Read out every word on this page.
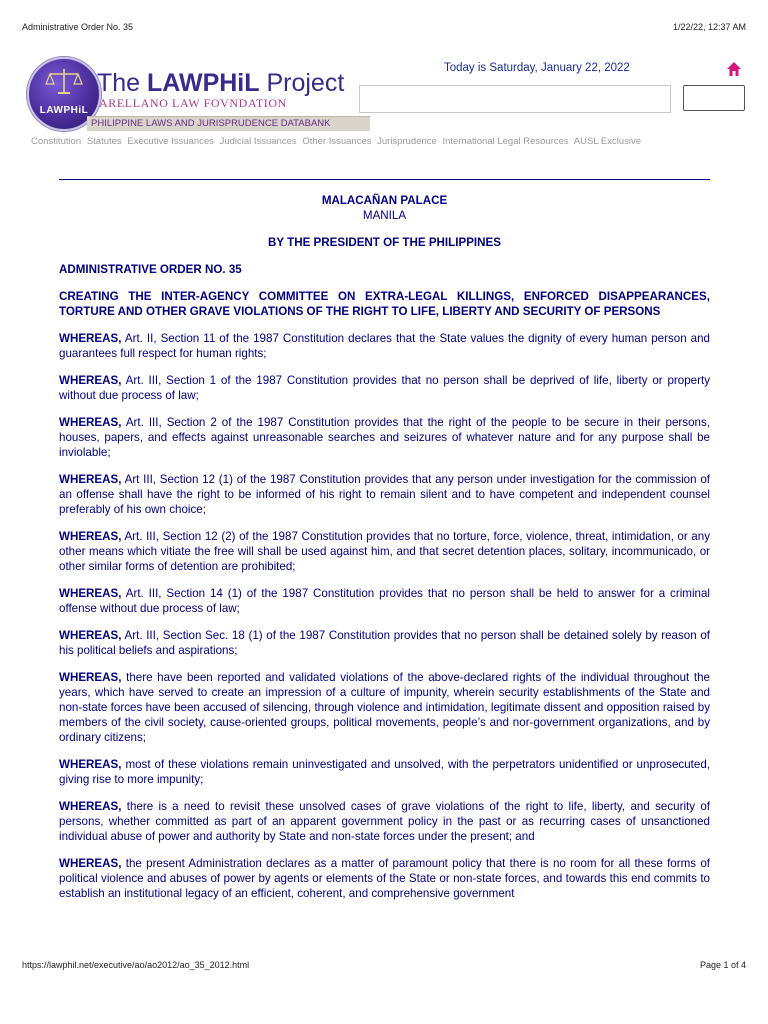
Administrative Order No. 35	1/22/22, 12:37 AM
LAWPHiL
The LAWPHiL Project
ARELLANO LAW FOVNDATION
PHILIPPINE LAWS AND JURISPRUDENCE DATABANK
Today is Saturday, January 22, 2022
Constitution Statutes Executive Issuances Judicial Issuances Other Issuances Jurisprudence International Legal Resources AUSL Exclusive
MALACAÑAN PALACE
MANILA
BY THE PRESIDENT OF THE PHILIPPINES
ADMINISTRATIVE ORDER NO. 35
CREATING THE INTER-AGENCY COMMITTEE ON EXTRA-LEGAL KILLINGS, ENFORCED DISAPPEARANCES, TORTURE AND OTHER GRAVE VIOLATIONS OF THE RIGHT TO LIFE, LIBERTY AND SECURITY OF PERSONS

WHEREAS, Art. II, Section 11 of the 1987 Constitution declares that the State values the dignity of every human person and guarantees full respect for human rights;

WHEREAS, Art. III, Section 1 of the 1987 Constitution provides that no person shall be deprived of life, liberty or property without due process of law;

WHEREAS, Art. III, Section 2 of the 1987 Constitution provides that the right of the people to be secure in their persons, houses, papers, and effects against unreasonable searches and seizures of whatever nature and for any purpose shall be inviolable;

WHEREAS, Art III, Section 12 (1) of the 1987 Constitution provides that any person under investigation for the commission of an offense shall have the right to be informed of his right to remain silent and to have competent and independent counsel preferably of his own choice;

WHEREAS, Art. III, Section 12 (2) of the 1987 Constitution provides that no torture, force, violence, threat, intimidation, or any other means which vitiate the free will shall be used against him, and that secret detention places, solitary, incommunicado, or other similar forms of detention are prohibited;

WHEREAS, Art. III, Section 14 (1) of the 1987 Constitution provides that no person shall be held to answer for a criminal offense without due process of law;

WHEREAS, Art. III, Section Sec. 18 (1) of the 1987 Constitution provides that no person shall be detained solely by reason of his political beliefs and aspirations;

WHEREAS, there have been reported and validated violations of the above-declared rights of the individual throughout the years, which have served to create an impression of a culture of impunity, wherein security establishments of the State and non-state forces have been accused of silencing, through violence and intimidation, legitimate dissent and opposition raised by members of the civil society, cause-oriented groups, political movements, people’s and nor-government organizations, and by ordinary citizens;

WHEREAS, most of these violations remain uninvestigated and unsolved, with the perpetrators unidentified or unprosecuted, giving rise to more impunity;

WHEREAS, there is a need to revisit these unsolved cases of grave violations of the right to life, liberty, and security of persons, whether committed as part of an apparent government policy in the past or as recurring cases of unsanctioned individual abuse of power and authority by State and non-state forces under the present; and

WHEREAS, the present Administration declares as a matter of paramount policy that there is no room for all these forms of political violence and abuses of power by agents or elements of the State or non-state forces, and towards this end commits to establish an institutional legacy of an efficient, coherent, and comprehensive government

https://lawphil.net/executive/ao/ao2012/ao_35_2012.html	Page 1 of 4
